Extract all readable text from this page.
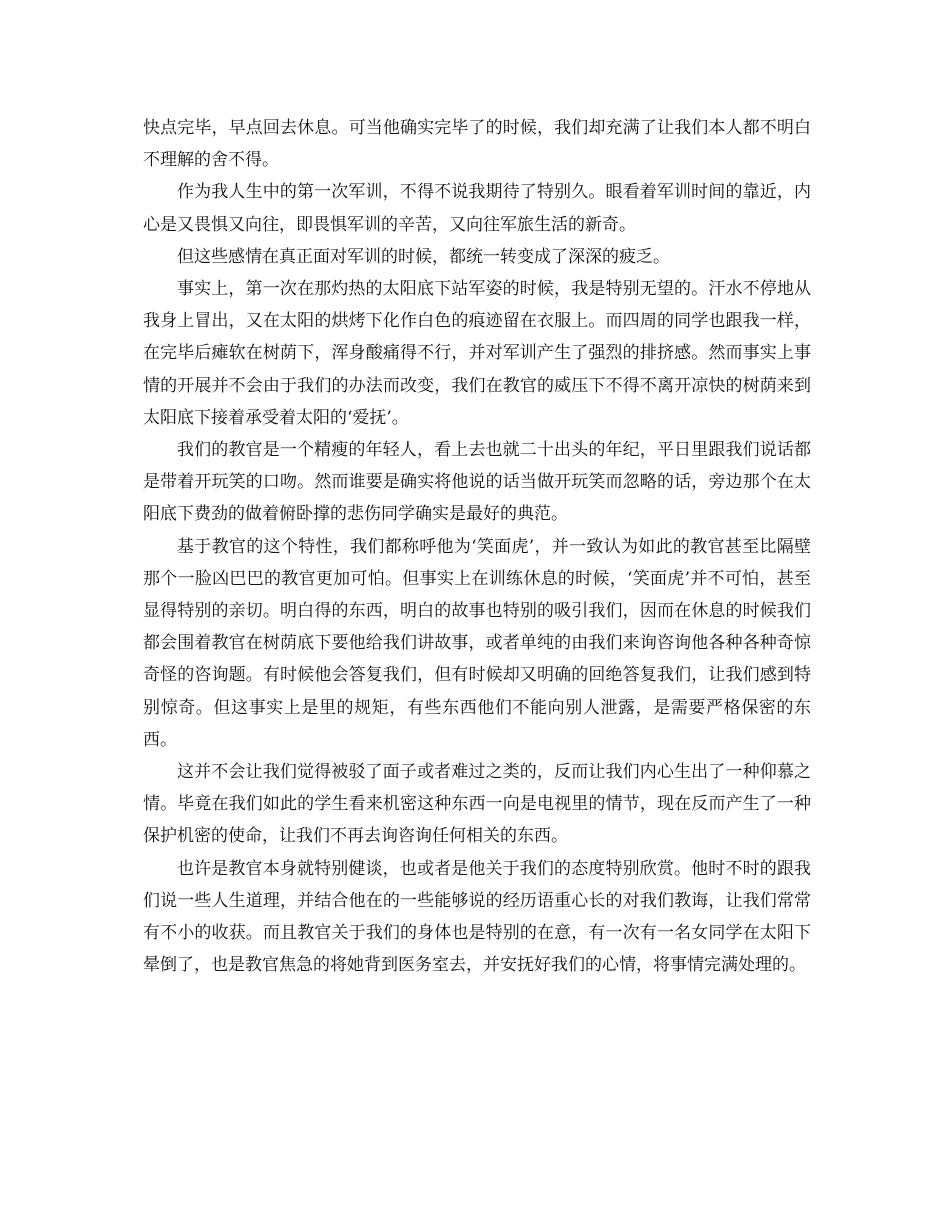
快点完毕，早点回去休息。可当他确实完毕了的时候，我们却充满了让我们本人都不明白不理解的舍不得。

作为我人生中的第一次军训，不得不说我期待了特别久。眼看着军训时间的靠近，内心是又畏惧又向往，即畏惧军训的辛苦，又向往军旅生活的新奇。

但这些感情在真正面对军训的时候，都统一转变成了深深的疲乏。

事实上，第一次在那灼热的太阳底下站军姿的时候，我是特别无望的。汗水不停地从我身上冒出，又在太阳的烘烤下化作白色的痕迹留在衣服上。而四周的同学也跟我一样，在完毕后瘫软在树荫下，浑身酸痛得不行，并对军训产生了强烈的排挤感。然而事实上事情的开展并不会由于我们的办法而改变，我们在教官的威压下不得不离开凉快的树荫来到太阳底下接着承受着太阳的‘爱抚’。

我们的教官是一个精瘦的年轻人，看上去也就二十出头的年纪，平日里跟我们说话都是带着开玩笑的口吻。然而谁要是确实将他说的话当做开玩笑而忽略的话，旁边那个在太阳底下费劲的做着俯卧撑的悲伤同学确实是最好的典范。

基于教官的这个特性，我们都称呼他为‘笑面虎’，并一致认为如此的教官甚至比隔壁那个一脸凶巴巴的教官更加可怕。但事实上在训练休息的时候，‘笑面虎’并不可怕，甚至显得特别的亲切。明白得的东西，明白的故事也特别的吸引我们，因而在休息的时候我们都会围着教官在树荫底下要他给我们讲故事，或者单纯的由我们来询咨询他各种各种奇惊奇怪的咨询题。有时候他会答复我们，但有时候却又明确的回绝答复我们，让我们感到特别惊奇。但这事实上是里的规矩，有些东西他们不能向别人泄露，是需要严格保密的东西。

这并不会让我们觉得被驳了面子或者难过之类的，反而让我们内心生出了一种仰慕之情。毕竟在我们如此的学生看来机密这种东西一向是电视里的情节，现在反而产生了一种保护机密的使命，让我们不再去询咨询任何相关的东西。

也许是教官本身就特别健谈，也或者是他关于我们的态度特别欣赏。他时不时的跟我们说一些人生道理，并结合他在的一些能够说的经历语重心长的对我们教诲，让我们常常有不小的收获。而且教官关于我们的身体也是特别的在意，有一次有一名女同学在太阳下晕倒了，也是教官焦急的将她背到医务室去，并安抚好我们的心情，将事情完满处理的。
